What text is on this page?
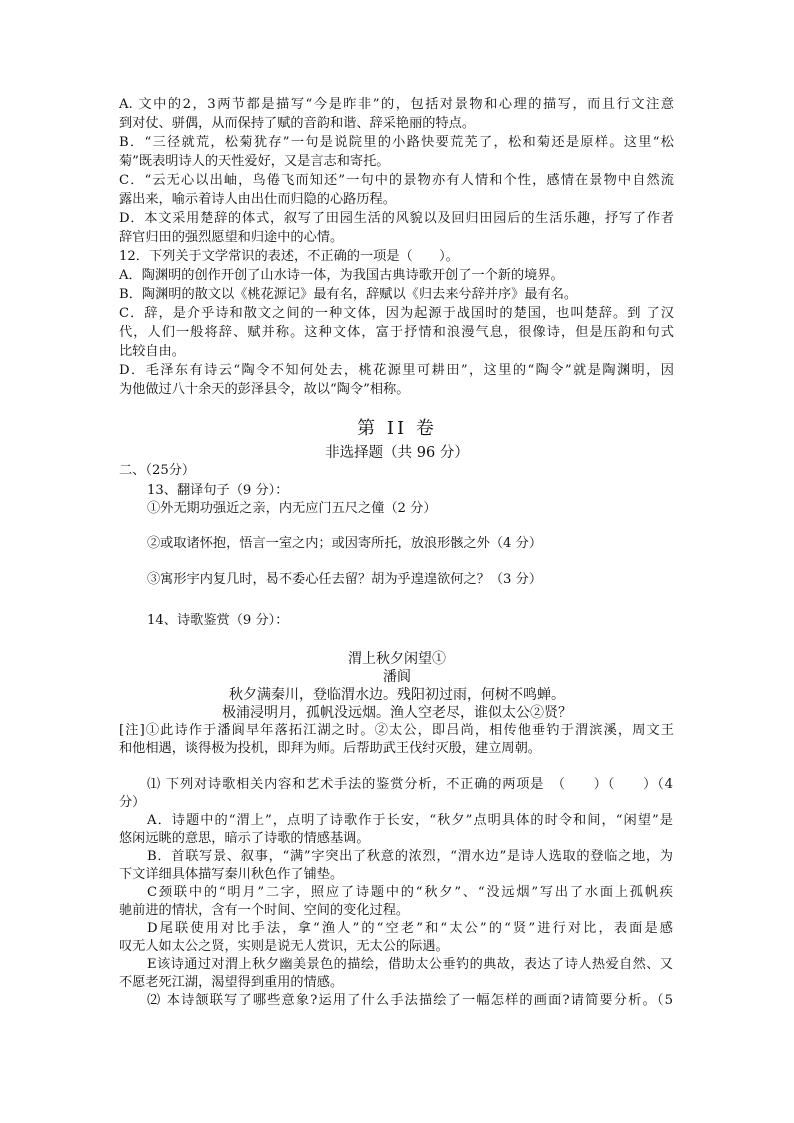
A. 文中的2，3两节都是描写“今是昨非”的，包括对景物和心理的描写，而且行文注意
到对仗、骈偶，从而保持了赋的音韵和谐、辞采艳丽的特点。
B．“三径就荒，松菊犹存”一句是说院里的小路快要荒芜了，松和菊还是原样。这里“松
菊”既表明诗人的天性爱好，又是言志和寄托。
C．“云无心以出岫，鸟倦飞而知还”一句中的景物亦有人情和个性，感情在景物中自然流
露出来，喻示着诗人由出仕而归隐的心路历程。
D．本文采用楚辞的体式，叙写了田园生活的风貌以及回归田园后的生活乐趣，抒写了作者
辞官归田的强烈愿望和归途中的心情。
12．下列关于文学常识的表述，不正确的一项是（　　）。
A．陶渊明的创作开创了山水诗一体，为我国古典诗歌开创了一个新的境界。
B．陶渊明的散文以《桃花源记》最有名，辞赋以《归去来兮辞并序》最有名。
C．辞，是介乎诗和散文之间的一种文体，因为起源于战国时的楚国，也叫楚辞。到 了汉
代，人们一般将辞、赋并称。这种文体，富于抒情和浪漫气息，很像诗，但是压韵和句式
比较自由。
D．毛泽东有诗云“陶令不知何处去，桃花源里可耕田”，这里的“陶令”就是陶渊明，因
为他做过八十余天的彭泽县令，故以“陶令”相称。
第 II 卷
非选择题（共 96 分）
二、（25分）
13、翻译句子（9 分）：
①外无期功强近之亲，内无应门五尺之僮（2 分）
②或取诸怀抱，悟言一室之内；或因寄所托，放浪形骸之外（4 分）
③寓形宇内复几时，曷不委心任去留？胡为乎遑遑欲何之？（3 分）
14、诗歌鉴赏（9 分）：
渭上秋夕闲望①
潘阆
秋夕满秦川，登临渭水边。残阳初过雨，何树不鸣蝉。
极浦浸明月，孤帆没远烟。渔人空老尽，谁似太公②贤？
[注]①此诗作于潘阆早年落拓江湖之时。②太公，即吕尚，相传他垂钓于渭滨溪，周文王
和他相遇，谈得极为投机，即拜为师。后帮助武王伐纣灭殷，建立周朝。
⑴ 下列对诗歌相关内容和艺术手法的鉴赏分析，不正确的两项是　（　　）（　　）（4
分）
A．诗题中的“渭上”，点明了诗歌作于长安，“秋夕”点明具体的时令和间，“闲望”是
悠闲远眺的意思，暗示了诗歌的情感基调。
B．首联写景、叙事，“满”字突出了秋意的浓烈，“渭水边”是诗人选取的登临之地，为
下文详细具体描写秦川秋色作了铺垫。
C颈联中的“明月”二字，照应了诗题中的“秋夕”、“没远烟”写出了水面上孤帆疾
驰前进的情状，含有一个时间、空间的变化过程。
D尾联使用对比手法，拿“渔人”的“空老”和“太公”的“贤”进行对比，表面是感
叹无人如太公之贤，实则是说无人赏识，无太公的际遇。
E该诗通过对渭上秋夕幽美景色的描绘，借助太公垂钓的典故，表达了诗人热爱自然、又
不愿老死江湖，渴望得到重用的情感。
⑵ 本诗颔联写了哪些意象?运用了什么手法描绘了一幅怎样的画面?请简要分析。（5
